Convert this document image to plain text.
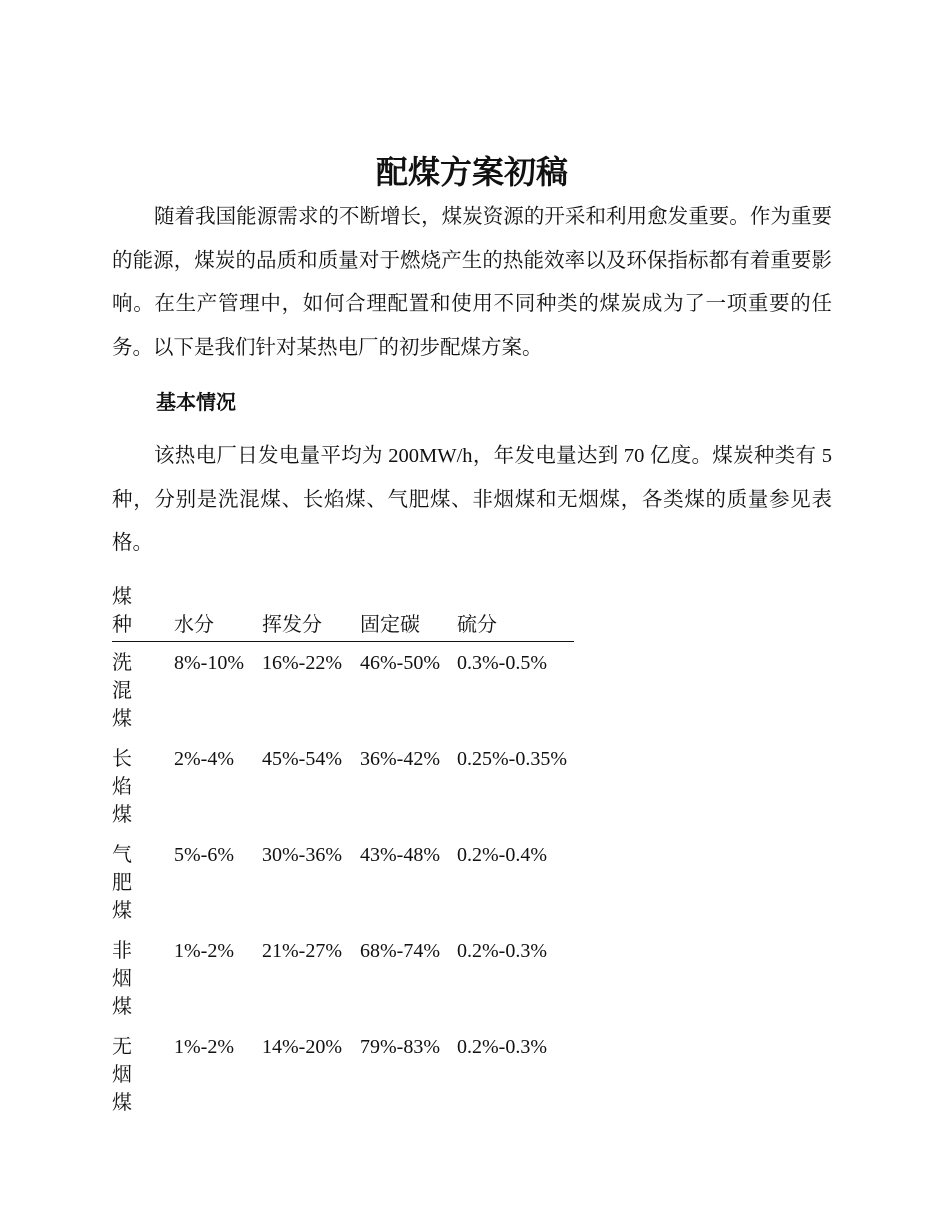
配煤方案初稿

随着我国能源需求的不断增长，煤炭资源的开采和利用愈发重要。作为重要的能源，煤炭的品质和质量对于燃烧产生的热能效率以及环保指标都有着重要影响。在生产管理中，如何合理配置和使用不同种类的煤炭成为了一项重要的任务。以下是我们针对某热电厂的初步配煤方案。

基本情况

该热电厂日发电量平均为 200MW/h，年发电量达到 70 亿度。煤炭种类有 5 种，分别是洗混煤、长焰煤、气肥煤、非烟煤和无烟煤，各类煤的质量参见表格。

煤种	水分	挥发分	固定碳	硫分

洗混煤	8%-10%	16%-22%	46%-50%	0.3%-0.5%

长焰煤	2%-4%	45%-54%	36%-42%	0.25%-0.35%

气肥煤	5%-6%	30%-36%	43%-48%	0.2%-0.4%

非烟煤	1%-2%	21%-27%	68%-74%	0.2%-0.3%

无烟煤	1%-2%	14%-20%	79%-83%	0.2%-0.3%
